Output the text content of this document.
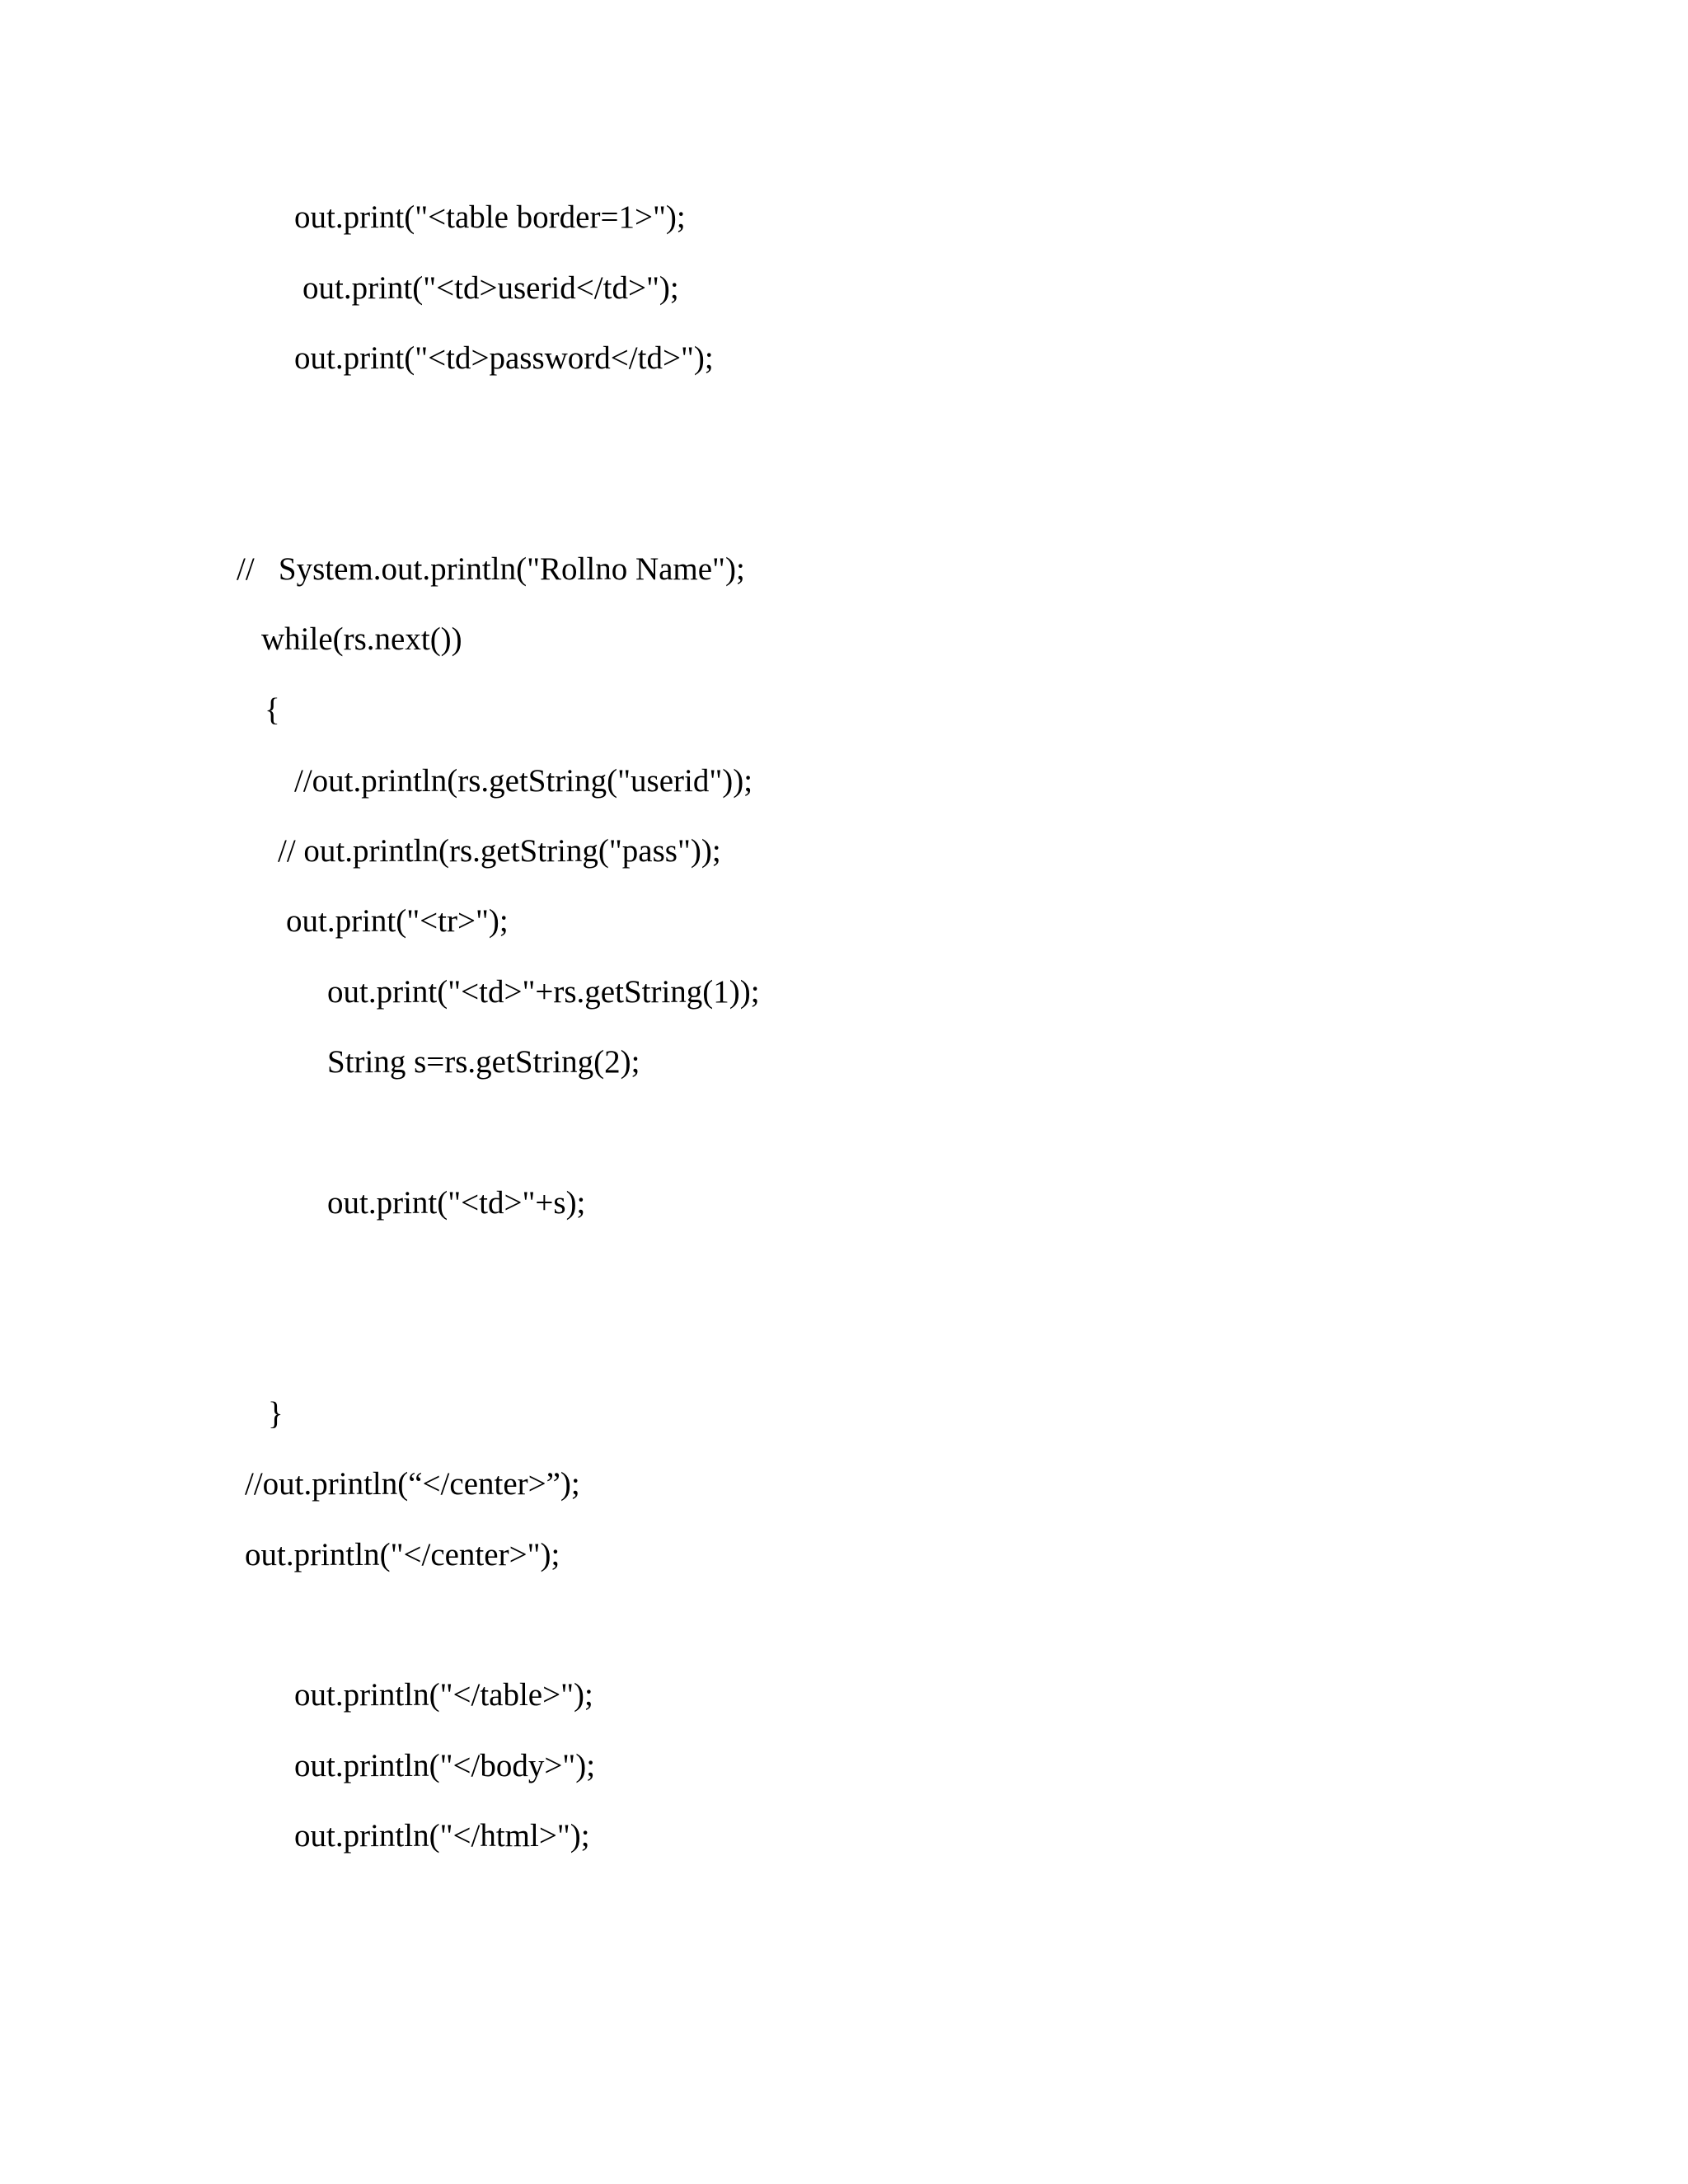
out.print("<table border=1>");

out.print("<td>userid</td>");

out.print("<td>password</td>");

//   System.out.println("Rollno Name");

while(rs.next())

{

//out.println(rs.getString("userid"));

// out.println(rs.getString("pass"));

out.print("<tr>");

out.print("<td>"+rs.getString(1));

String s=rs.getString(2);

out.print("<td>"+s);

}

//out.println(“</center>”);

out.println("</center>");

out.println("</table>");

out.println("</body>");

out.println("</html>");
